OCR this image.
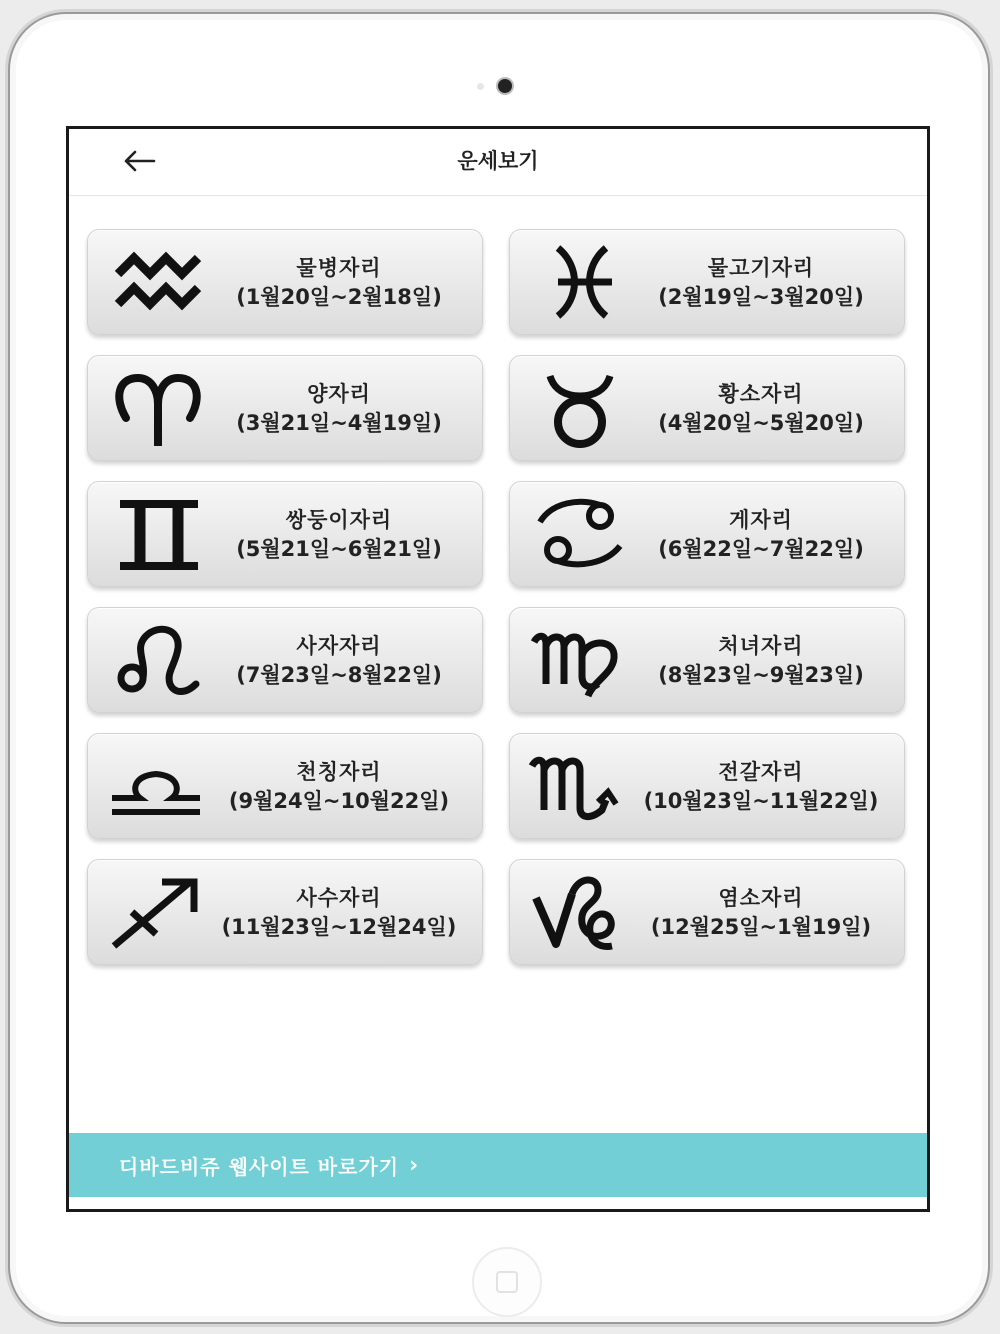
운세보기
물병자리
(1월20일~2월18일)
물고기자리
(2월19일~3월20일)
양자리
(3월21일~4월19일)
황소자리
(4월20일~5월20일)
쌍둥이자리
(5월21일~6월21일)
게자리
(6월22일~7월22일)
사자자리
(7월23일~8월22일)
처녀자리
(8월23일~9월23일)
천칭자리
(9월24일~10월22일)
전갈자리
(10월23일~11월22일)
사수자리
(11월23일~12월24일)
염소자리
(12월25일~1월19일)
디바드비쥬 웹사이트 바로가기 ›
